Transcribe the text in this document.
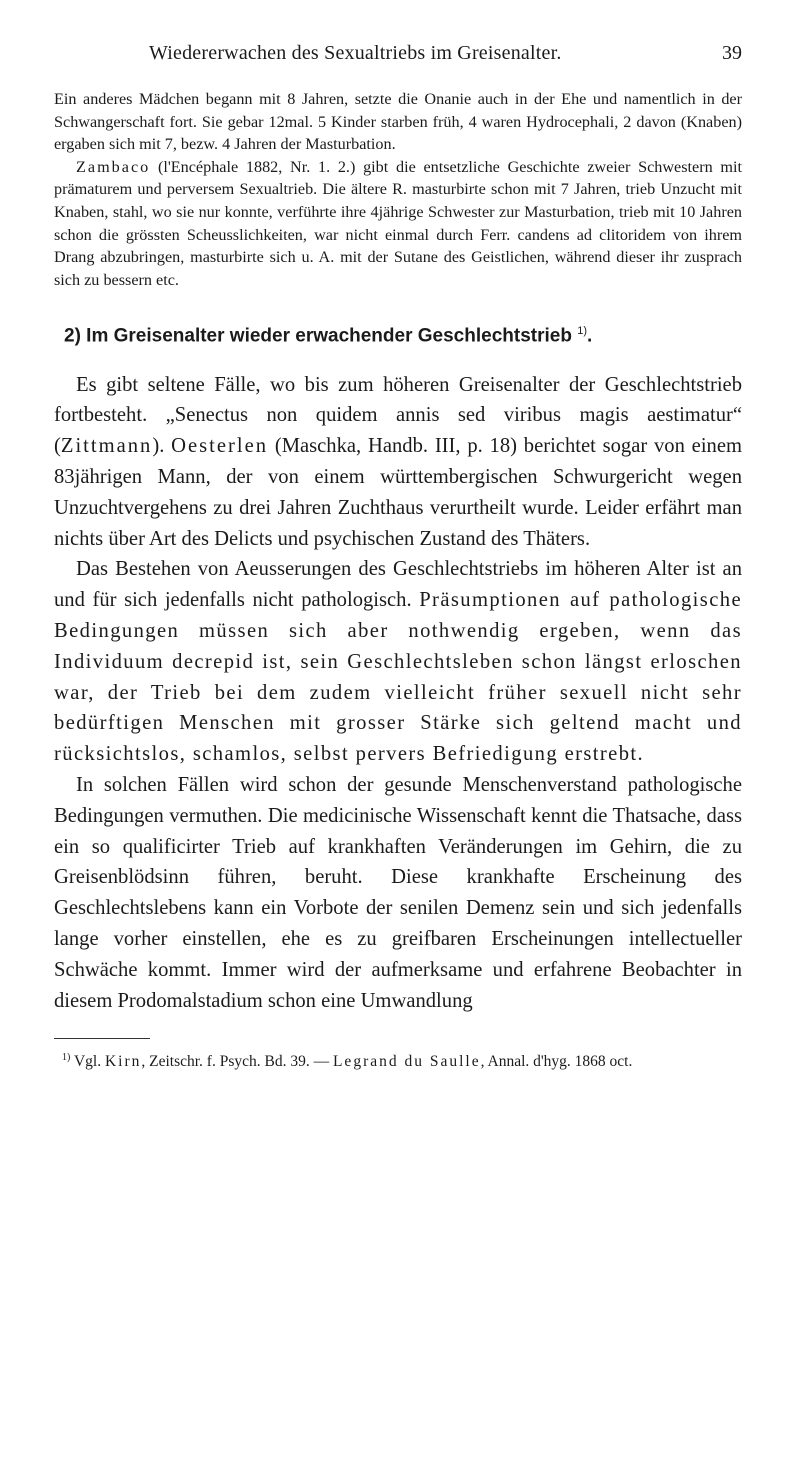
Wiedererwachen des Sexualtriebs im Greisenalter.	39

Ein anderes Mädchen begann mit 8 Jahren, setzte die Onanie auch in der Ehe und namentlich in der Schwangerschaft fort. Sie gebar 12mal. 5 Kinder starben früh, 4 waren Hydrocephali, 2 davon (Knaben) ergaben sich mit 7, bezw. 4 Jahren der Masturbation.

Zambaco (l'Encéphale 1882, Nr. 1. 2.) gibt die entsetzliche Geschichte zweier Schwestern mit prämaturem und perversem Sexualtrieb. Die ältere R. masturbirte schon mit 7 Jahren, trieb Unzucht mit Knaben, stahl, wo sie nur konnte, verführte ihre 4jährige Schwester zur Masturbation, trieb mit 10 Jahren schon die grössten Scheusslichkeiten, war nicht einmal durch Ferr. candens ad clitoridem von ihrem Drang abzubringen, masturbirte sich u. A. mit der Sutane des Geistlichen, während dieser ihr zusprach sich zu bessern etc.

2) Im Greisenalter wieder erwachender Geschlechtstrieb $^{1)}$.

Es gibt seltene Fälle, wo bis zum höheren Greisenalter der Geschlechtstrieb fortbesteht. „Senectus non quidem annis sed viribus magis aestimatur“ (Zittmann). Oesterlen (Maschka, Handb. III, p. 18) berichtet sogar von einem 83jährigen Mann, der von einem württembergischen Schwurgericht wegen Unzuchtvergehens zu drei Jahren Zuchthaus verurtheilt wurde. Leider erfährt man nichts über Art des Delicts und psychischen Zustand des Thäters.

Das Bestehen von Aeusserungen des Geschlechtstriebs im höheren Alter ist an und für sich jedenfalls nicht pathologisch. Präsumptionen auf pathologische Bedingungen müssen sich aber nothwendig ergeben, wenn das Individuum decrepid ist, sein Geschlechtsleben schon längst erloschen war, der Trieb bei dem zudem vielleicht früher sexuell nicht sehr bedürftigen Menschen mit grosser Stärke sich geltend macht und rücksichtslos, schamlos, selbst pervers Befriedigung erstrebt.

In solchen Fällen wird schon der gesunde Menschenverstand pathologische Bedingungen vermuthen. Die medicinische Wissenschaft kennt die Thatsache, dass ein so qualificirter Trieb auf krankhaften Veränderungen im Gehirn, die zu Greisenblödsinn führen, beruht. Diese krankhafte Erscheinung des Geschlechtslebens kann ein Vorbote der senilen Demenz sein und sich jedenfalls lange vorher einstellen, ehe es zu greifbaren Erscheinungen intellectueller Schwäche kommt. Immer wird der aufmerksame und erfahrene Beobachter in diesem Prodomalstadium schon eine Umwandlung

$^{1)}$ Vgl. Kirn, Zeitschr. f. Psych. Bd. 39. — Legrand du Saulle, Annal. d'hyg. 1868 oct.
